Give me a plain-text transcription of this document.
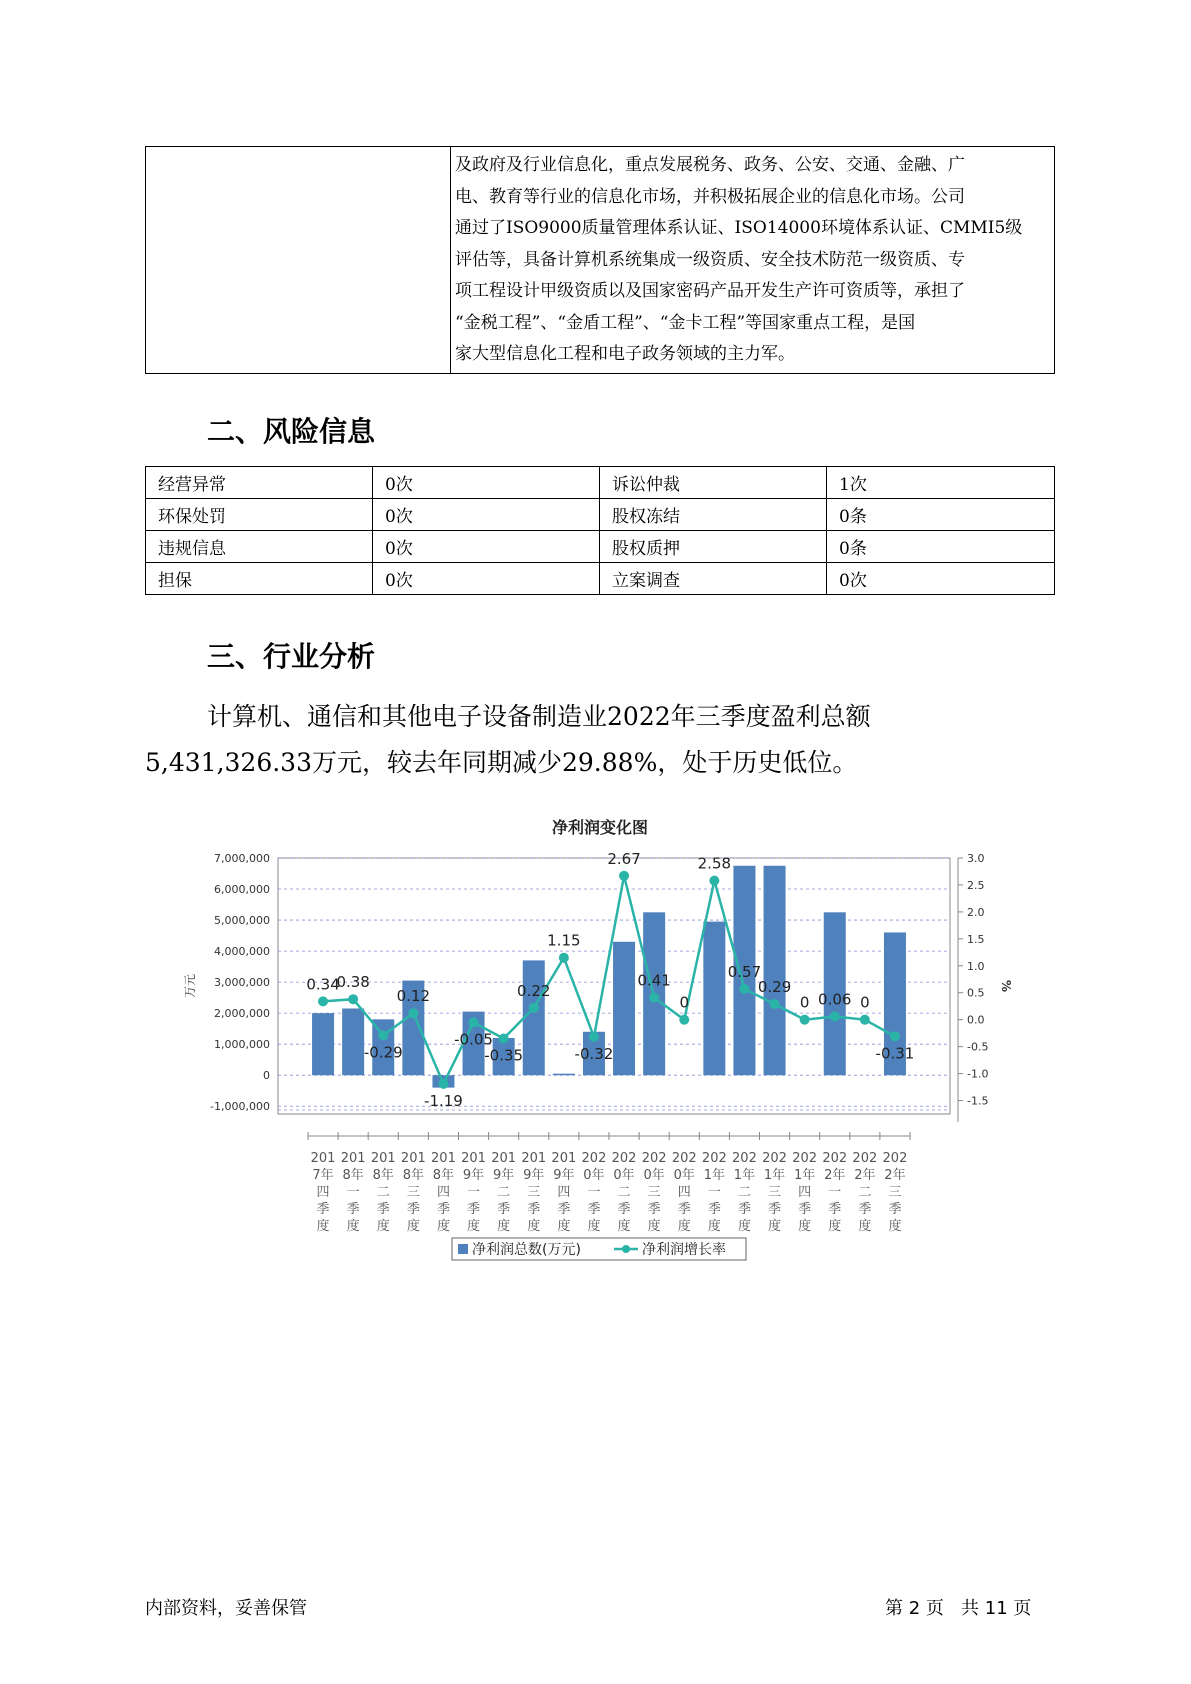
及政府及行业信息化，重点发展税务、政务、公安、交通、金融、广
电、教育等行业的信息化市场，并积极拓展企业的信息化市场。公司
通过了ISO9000质量管理体系认证、ISO14000环境体系认证、CMMI5级
评估等，具备计算机系统集成一级资质、安全技术防范一级资质、专
项工程设计甲级资质以及国家密码产品开发生产许可资质等，承担了
“金税工程”、“金盾工程”、“金卡工程”等国家重点工程，是国
家大型信息化工程和电子政务领域的主力军。
二、风险信息
经营异常	0次	诉讼仲裁	1次
环保处罚	0次	股权冻结	0条
违规信息	0次	股权质押	0条
担保	0次	立案调查	0次
三、行业分析
计算机、通信和其他电子设备制造业2022年三季度盈利总额
5,431,326.33万元，较去年同期减少29.88%，处于历史低位。
净利润变化图
7,000,000
6,000,000
5,000,000
4,000,000
3,000,000
2,000,000
1,000,000
0
-1,000,000
3.0
2.5
2.0
1.5
1.0
0.5
0.0
-0.5
-1.0
-1.5
万元	%
0.34
0.38
-0.29
0.12
-1.19
-0.05
-0.35
0.22
1.15
-0.32
2.67
0.41
0
2.58
0.57
0.29
0 0.06 0
-0.31
201
7年
四
季
度
201
8年
一
季
度
201
8年
二
季
度
201
8年
三
季
度
201
8年
四
季
度
201
9年
一
季
度
201
9年
二
季
度
201
9年
三
季
度
201
9年
四
季
度
202
0年
一
季
度
202
0年
二
季
度
202
0年
三
季
度
202
0年
四
季
度
202
1年
一
季
度
202
1年
二
季
度
202
1年
三
季
度
202
1年
四
季
度
202
2年
一
季
度
202
2年
二
季
度
202
2年
三
季
度
净利润总数(万元)	净利润增长率
内部资料，妥善保管	第 2 页   共 11 页
